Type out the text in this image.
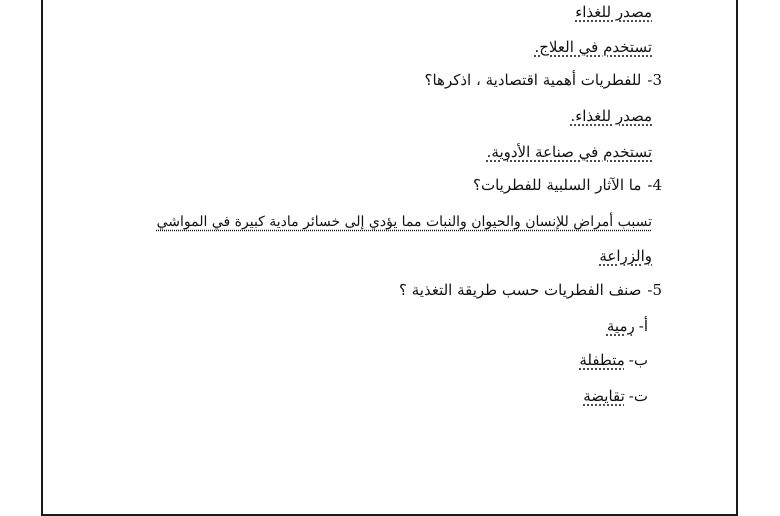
مصدر للغذاء
تستخدم في العلاج.
3-للفطريات أهمية اقتصادية ، اذكرها؟
مصدر للغذاء.
تستخدم في صناعة الأدوية.
4-ما الآثار السلبية للفطريات؟
تسبب أمراض للإنسان والحيوان والنبات مما يؤدي إلى خسائر مادية كبيرة في المواشي
والزراعة
5-صنف الفطريات حسب طريقة التغذية ؟
أ-رمية
ب-متطفلة
ت-تقايضة
